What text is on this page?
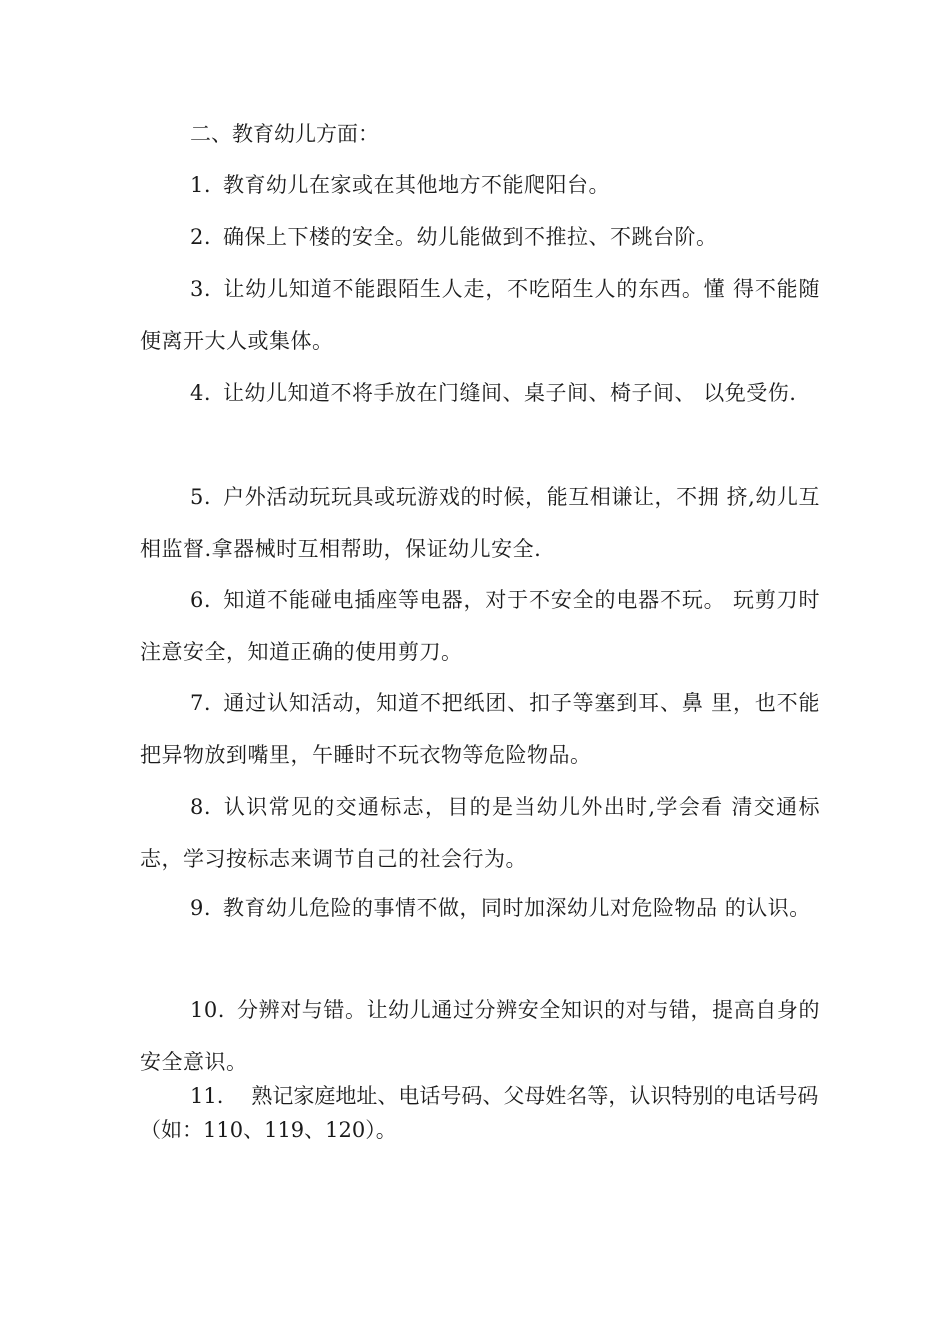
二、教育幼儿方面：
1. 教育幼儿在家或在其他地方不能爬阳台。
2. 确保上下楼的安全。幼儿能做到不推拉、不跳台阶。
3. 让幼儿知道不能跟陌生人走，不吃陌生人的东西。懂 得不能随便离开大人或集体。
4. 让幼儿知道不将手放在门缝间、桌子间、椅子间、 以免受伤.
5. 户外活动玩玩具或玩游戏的时候，能互相谦让，不拥 挤,幼儿互相监督.拿器械时互相帮助，保证幼儿安全.
6. 知道不能碰电插座等电器，对于不安全的电器不玩。 玩剪刀时注意安全，知道正确的使用剪刀。
7. 通过认知活动，知道不把纸团、扣子等塞到耳、鼻 里，也不能把异物放到嘴里，午睡时不玩衣物等危险物品。
8. 认识常见的交通标志，目的是当幼儿外出时,学会看 清交通标志，学习按标志来调节自己的社会行为。
9. 教育幼儿危险的事情不做，同时加深幼儿对危险物品 的认识。
10. 分辨对与错。让幼儿通过分辨安全知识的对与错，提高自身的安全意识。
11. 熟记家庭地址、电话号码、父母姓名等，认识特别的电话号码（如：110、119、120）。
